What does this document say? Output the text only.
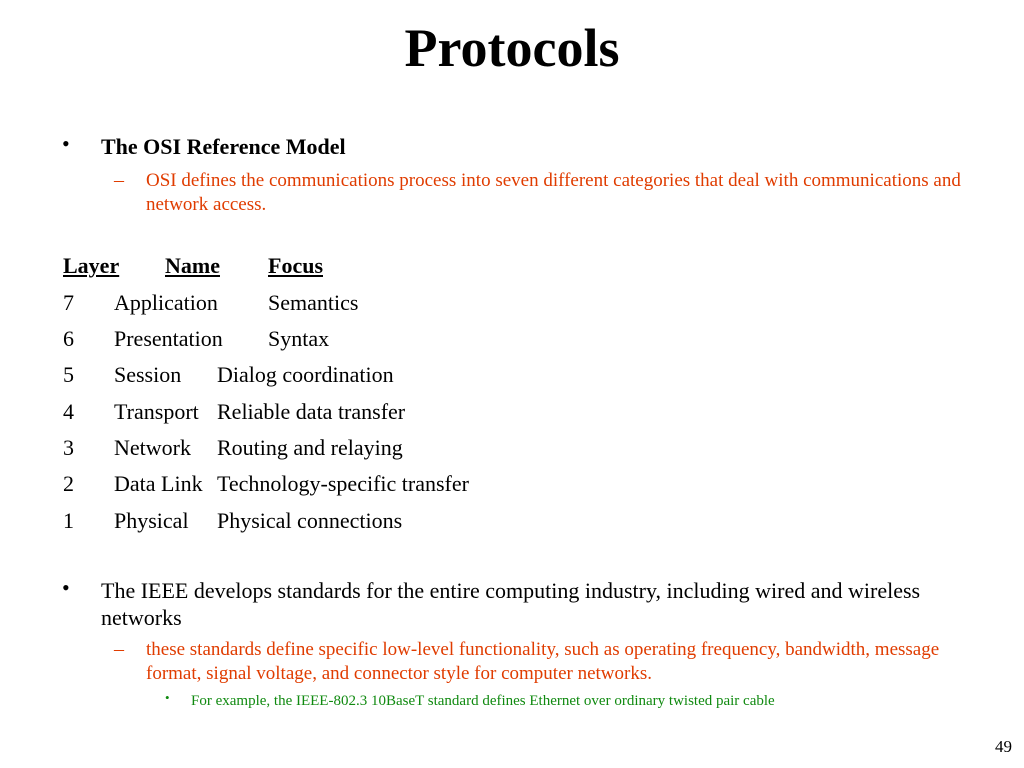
Protocols
•	The OSI Reference Model
– OSI defines the communications process into seven different categories that deal with communications and network access.
Layer Name Focus
7 Application Semantics
6 Presentation Syntax
5 Session Dialog coordination
4 Transport Reliable data transfer
3 Network Routing and relaying
2 Data Link Technology-specific transfer
1 Physical Physical connections
•	The IEEE develops standards for the entire computing industry, including wired and wireless networks
– these standards define specific low-level functionality, such as operating frequency, bandwidth, message format, signal voltage, and connector style for computer networks.
• For example, the IEEE-802.3 10BaseT standard defines Ethernet over ordinary twisted pair cable
49
